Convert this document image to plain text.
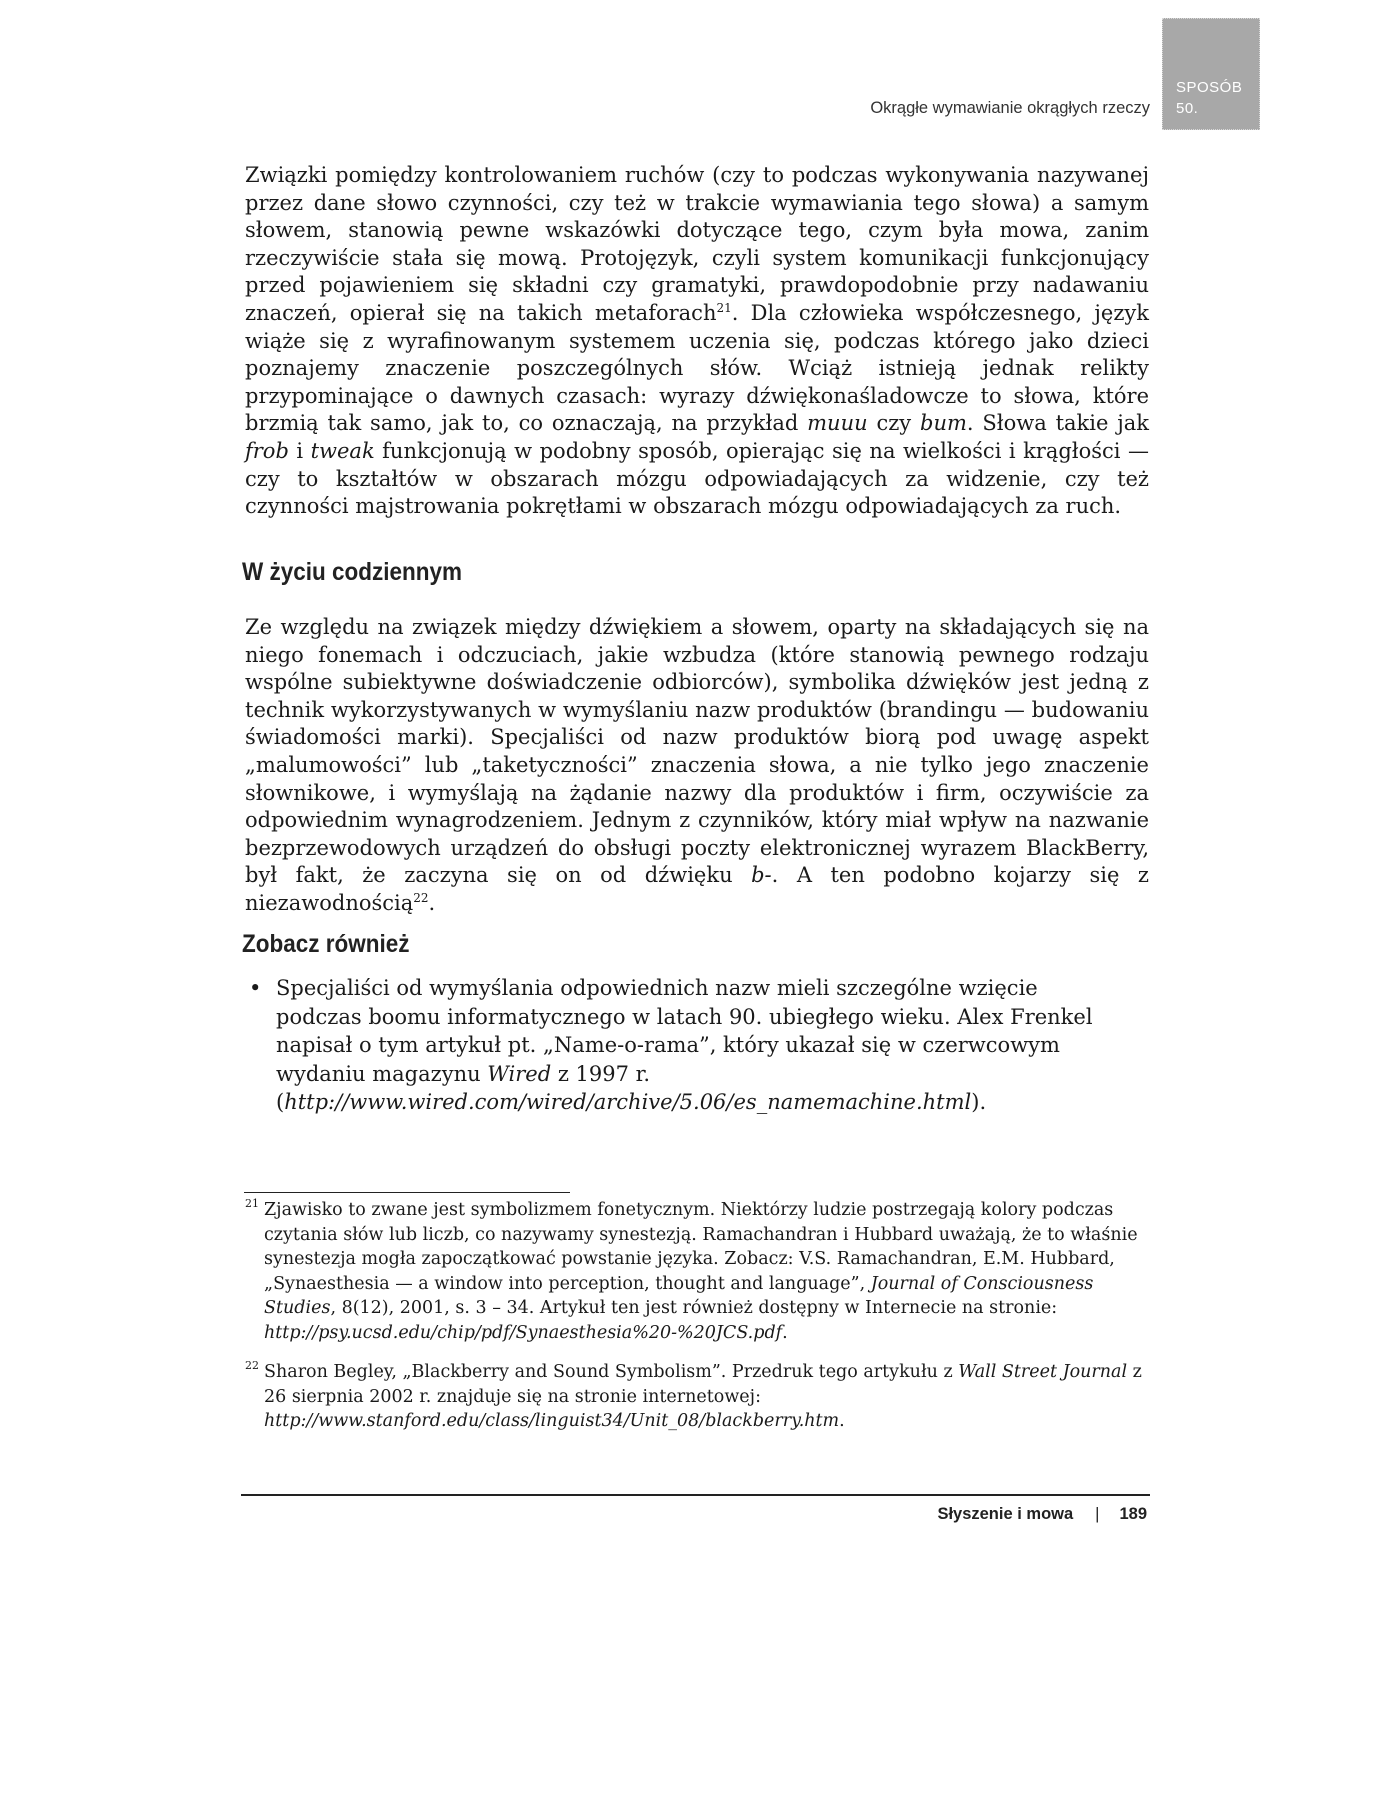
SPOSÓB
50.
Okrągłe wymawianie okrągłych rzeczy

Związki pomiędzy kontrolowaniem ruchów (czy to podczas wykonywania nazywanej przez dane słowo czynności, czy też w trakcie wymawiania tego słowa) a samym słowem, stanowią pewne wskazówki dotyczące tego, czym była mowa, zanim rzeczywiście stała się mową. Protojęzyk, czyli system komunikacji funkcjonujący przed pojawieniem się składni czy gramatyki, prawdopodobnie przy nadawaniu znaczeń, opierał się na takich metaforach$^{21}$. Dla człowieka współczesnego, język wiąże się z wyrafinowanym systemem uczenia się, podczas którego jako dzieci poznajemy znaczenie poszczególnych słów. Wciąż istnieją jednak relikty przypominające o dawnych czasach: wyrazy dźwiękonaśladowcze to słowa, które brzmią tak samo, jak to, co oznaczają, na przykład muuu czy bum. Słowa takie jak frob i tweak funkcjonują w podobny sposób, opierając się na wielkości i krągłości — czy to kształtów w obszarach mózgu odpowiadających za widzenie, czy też czynności majstrowania pokrętłami w obszarach mózgu odpowiadających za ruch.

W życiu codziennym

Ze względu na związek między dźwiękiem a słowem, oparty na składających się na niego fonemach i odczuciach, jakie wzbudza (które stanowią pewnego rodzaju wspólne subiektywne doświadczenie odbiorców), symbolika dźwięków jest jedną z technik wykorzystywanych w wymyślaniu nazw produktów (brandingu — budowaniu świadomości marki). Specjaliści od nazw produktów biorą pod uwagę aspekt „malumowości” lub „taketyczności” znaczenia słowa, a nie tylko jego znaczenie słownikowe, i wymyślają na żądanie nazwy dla produktów i firm, oczywiście za odpowiednim wynagrodzeniem. Jednym z czynników, który miał wpływ na nazwanie bezprzewodowych urządzeń do obsługi poczty elektronicznej wyrazem BlackBerry, był fakt, że zaczyna się on od dźwięku b-. A ten podobno kojarzy się z niezawodnością$^{22}$.

Zobacz również
• Specjaliści od wymyślania odpowiednich nazw mieli szczególne wzięcie podczas boomu informatycznego w latach 90. ubiegłego wieku. Alex Frenkel napisał o tym artykuł pt. „Name-o-rama”, który ukazał się w czerwcowym wydaniu magazynu Wired z 1997 r. (http://www.wired.com/wired/archive/5.06/es_namemachine.html).
21 Zjawisko to zwane jest symbolizmem fonetycznym. Niektórzy ludzie postrzegają kolory podczas czytania słów lub liczb, co nazywamy synestezją. Ramachandran i Hubbard uważają, że to właśnie synestezja mogła zapoczątkować powstanie języka. Zobacz: V.S. Ramachandran, E.M. Hubbard, „Synaesthesia — a window into perception, thought and language”, Journal of Consciousness Studies, 8(12), 2001, s. 3 – 34. Artykuł ten jest również dostępny w Internecie na stronie: http://psy.ucsd.edu/chip/pdf/Synaesthesia%20-%20JCS.pdf.
22 Sharon Begley, „Blackberry and Sound Symbolism”. Przedruk tego artykułu z Wall Street Journal z 26 sierpnia 2002 r. znajduje się na stronie internetowej: http://www.stanford.edu/class/linguist34/Unit_08/blackberry.htm.
Słyszenie i mowa | 189
